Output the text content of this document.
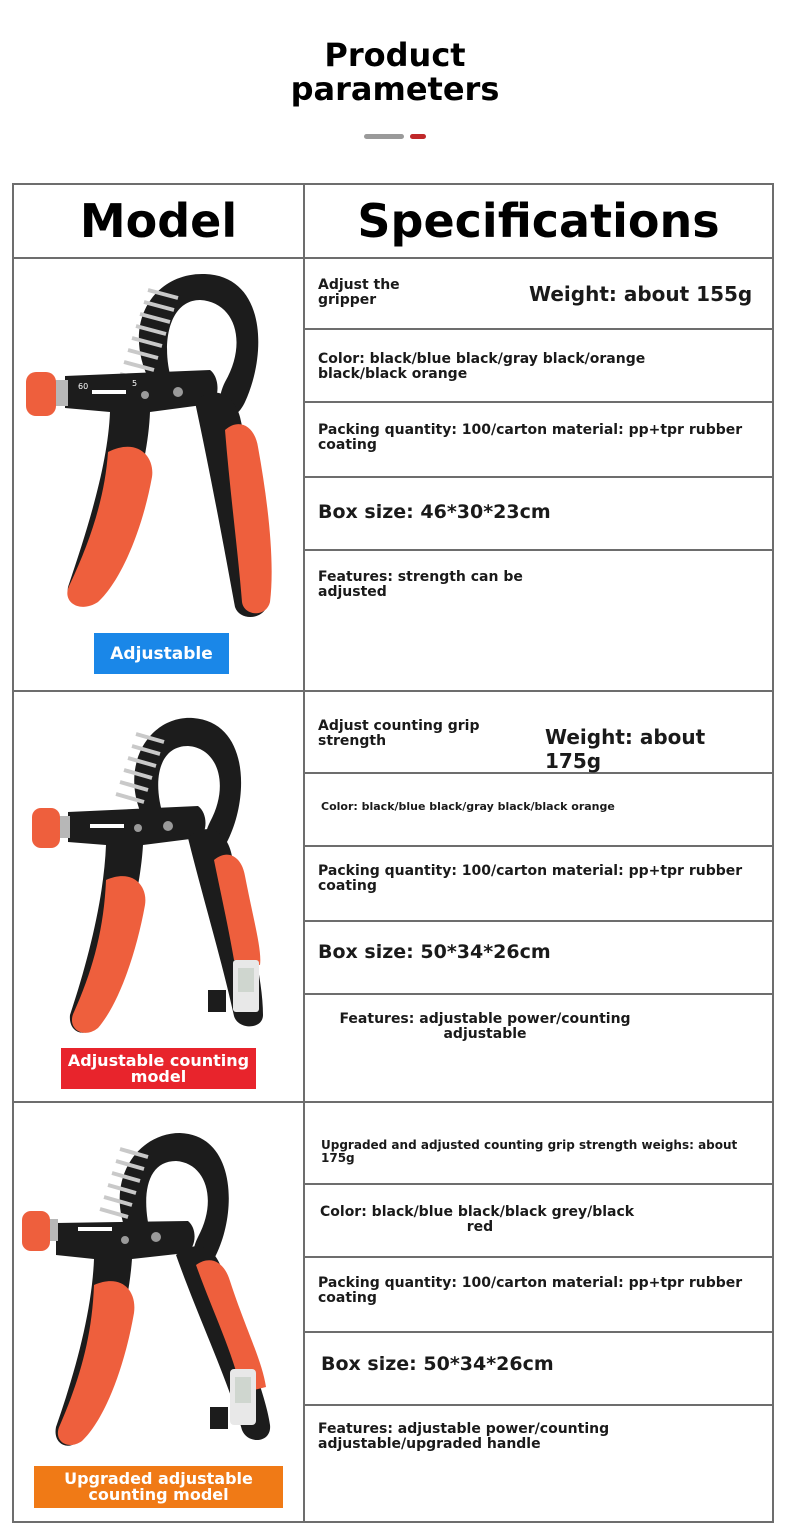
Product
parameters
Model	Specifications
60	5
Adjustable
Adjust the gripper	Weight: about 155g
Color: black/blue black/gray black/orange black/black orange
Packing quantity: 100/carton material: pp+tpr rubber coating
Box size: 46*30*23cm
Features: strength can be adjusted
Adjustable counting
model
Adjust counting grip strength	Weight: about 175g
Color: black/blue black/gray black/black orange
Packing quantity: 100/carton material: pp+tpr rubber coating
Box size: 50*34*26cm
Features: adjustable power/counting
adjustable
Upgraded adjustable
counting model
Upgraded and adjusted counting grip strength weighs: about 175g
Color: black/blue black/black grey/black
red
Packing quantity: 100/carton material: pp+tpr rubber coating
Box size: 50*34*26cm
Features: adjustable power/counting adjustable/upgraded handle
